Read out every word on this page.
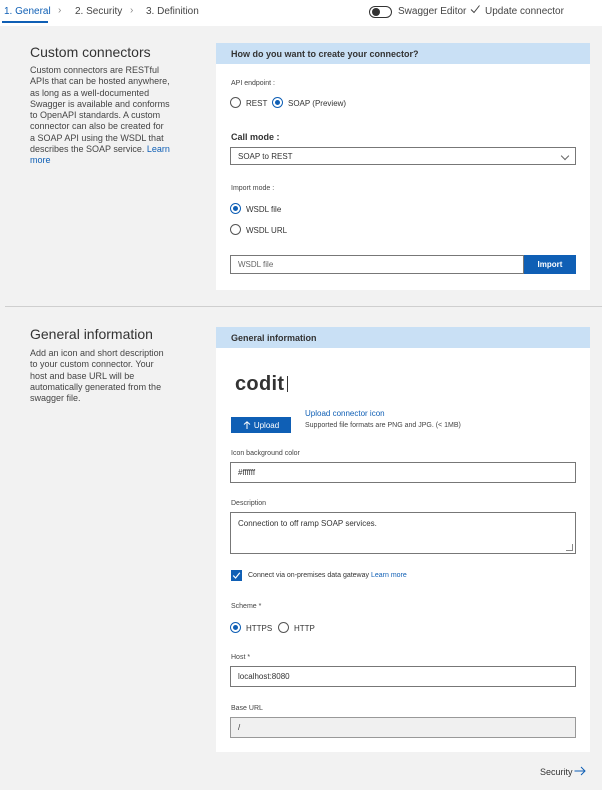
1. General › 2. Security › 3. Definition	Swagger Editor Update connector
Custom connectors
Custom connectors are RESTful APIs that can be hosted anywhere, as long as a well-documented Swagger is available and conforms to OpenAPI standards. A custom connector can also be created for a SOAP API using the WSDL that describes the SOAP service. Learn more
How do you want to create your connector?
API endpoint :
REST	SOAP (Preview)
Call mode :
SOAP to REST
Import mode :
WSDL file
WSDL URL
WSDL file	Import
General information
Add an icon and short description to your custom connector. Your host and base URL will be automatically generated from the swagger file.
General information
codit
Upload
Upload connector icon
Supported file formats are PNG and JPG. (< 1MB)
Icon background color
#ffffff
Description
Connection to off ramp SOAP services.
Connect via on-premises data gateway Learn more
Scheme *
HTTPS	HTTP
Host *
localhost:8080
Base URL
/
Security
